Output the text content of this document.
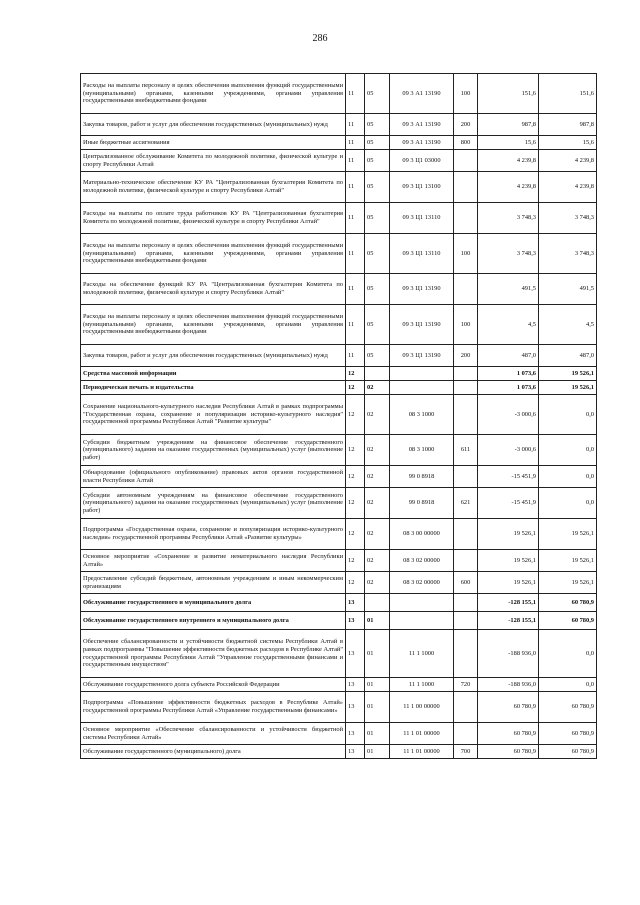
286
Расходы на выплаты персоналу в целях обеспечения выполнения функций государственными (муниципальными) органами, казенными учреждениями, органами управления государственными внебюджетными фондами	11	05	09 3 А1 13190	100	151,6	151,6
Закупка товаров, работ и услуг для обеспечения государственных (муниципальных) нужд	11	05	09 3 А1 13190	200	987,8	987,8
Иные бюджетные ассигнования	11	05	09 3 А1 13190	800	15,6	15,6
Централизованное обслуживание Комитета по молодежной политике, физической культуре и спорту Республики Алтай	11	05	09 3 Ц1 03000		4 239,8	4 239,8
Материально-техническое обеспечение КУ РА "Централизованная бухгалтерия Комитета по молодежной политике, физической культуре и спорту Республики Алтай"	11	05	09 3 Ц1 13100		4 239,8	4 239,8
Расходы на выплаты по оплате труда работников КУ РА "Централизованная бухгалтерия Комитета по молодежной политике, физической культуре и спорту Республики Алтай"	11	05	09 3 Ц1 13110		3 748,3	3 748,3
Расходы на выплаты персоналу в целях обеспечения выполнения функций государственными (муниципальными) органами, казенными учреждениями, органами управления государственными внебюджетными фондами	11	05	09 3 Ц1 13110	100	3 748,3	3 748,3
Расходы на обеспечение функций КУ РА "Централизованная бухгалтерия Комитета по молодежной политике, физической культуре и спорту Республики Алтай"	11	05	09 3 Ц1 13190		491,5	491,5
Расходы на выплаты персоналу в целях обеспечения выполнения функций государственными (муниципальными) органами, казенными учреждениями, органами управления государственными внебюджетными фондами	11	05	09 3 Ц1 13190	100	4,5	4,5
Закупка товаров, работ и услуг для обеспечения государственных (муниципальных) нужд	11	05	09 3 Ц1 13190	200	487,0	487,0
Средства массовой информации	12				1 073,6	19 526,1
Периодическая печать и издательства	12	02			1 073,6	19 526,1
Сохранение национального-культурного наследия Республики Алтай в рамках подпрограммы "Государственная охрана, сохранение и популяризация историко-культурного наследия" государственной программы Республики Алтай "Развитие культуры"	12	02	08 3 1000		-3 000,6	0,0
Субсидии бюджетным учреждениям на финансовое обеспечение государственного (муниципального) задания на оказание государственных (муниципальных) услуг (выполнение работ)	12	02	08 3 1000	611	-3 000,6	0,0
Обнародование (официального опубликование) правовых актов органов государственной власти Республики Алтай	12	02	99 0 8918		-15 451,9	0,0
Субсидии автономным учреждениям на финансовое обеспечение государственного (муниципального) задания на оказание государственных (муниципальных) услуг (выполнение работ)	12	02	99 0 8918	621	-15 451,9	0,0
Подпрограмма «Государственная охрана, сохранение и популяризация историко-культурного наследия» государственной программы Республики Алтай «Развитие культуры»	12	02	08 3 00 00000		19 526,1	19 526,1
Основное мероприятие «Сохранение и развитие нематериального наследия Республики Алтай»	12	02	08 3 02 00000		19 526,1	19 526,1
Предоставление субсидий бюджетным, автономным учреждениям и иным некоммерческим организациям	12	02	08 3 02 00000	600	19 526,1	19 526,1
Обслуживание государственного и муниципального долга	13				-128 155,1	60 780,9
Обслуживание государственного внутреннего и муниципального долга	13	01			-128 155,1	60 780,9
Обеспечение сбалансированности и устойчивости бюджетной системы Республики Алтай в рамках подпрограммы "Повышение эффективности бюджетных расходов в Республике Алтай" государственной программы Республики Алтай "Управление государственными финансами и государственным имуществом"	13	01	11 1 1000		-188 936,0	0,0
Обслуживание государственного долга субъекта Российской Федерации	13	01	11 1 1000	720	-188 936,0	0,0
Подпрограмма «Повышение эффективности бюджетных расходов в Республике Алтай» государственной программы Республики Алтай «Управление государственными финансами»	13	01	11 1 00 00000		60 780,9	60 780,9
Основное мероприятие «Обеспечение сбалансированности и устойчивости бюджетной системы Республики Алтай»	13	01	11 1 01 00000		60 780,9	60 780,9
Обслуживание государственного (муниципального) долга	13	01	11 1 01 00000	700	60 780,9	60 780,9
